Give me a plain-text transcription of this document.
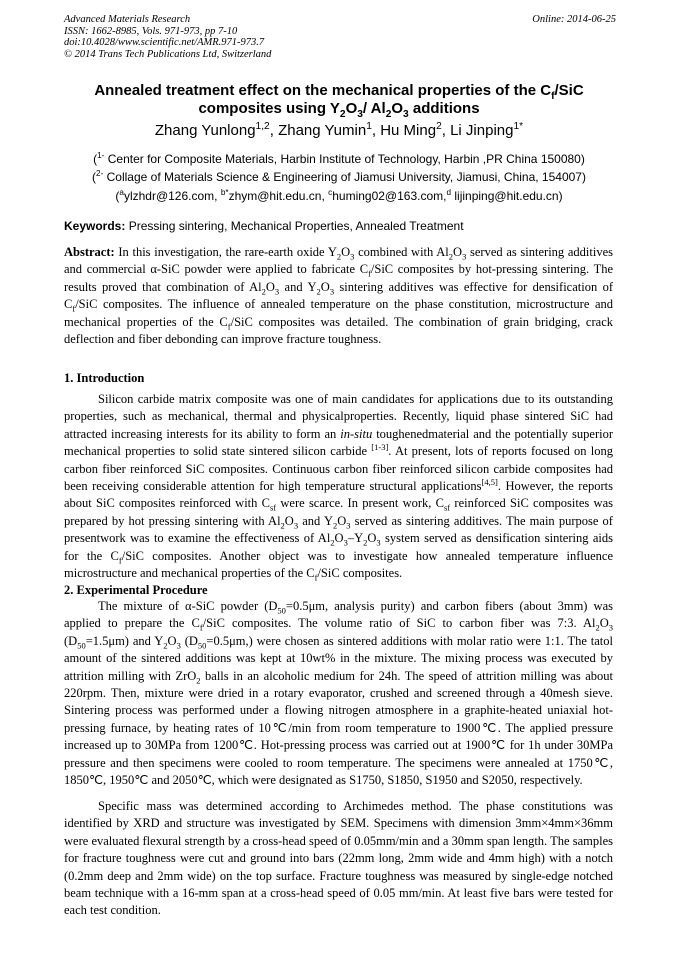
Advanced Materials Research
ISSN: 1662-8985, Vols. 971-973, pp 7-10
doi:10.4028/www.scientific.net/AMR.971-973.7
© 2014 Trans Tech Publications Ltd, Switzerland
Online: 2014-06-25
Annealed treatment effect on the mechanical properties of the $C_f$/SiC
composites using $Y_2O_3/$ $Al_2O_3$ additions
Zhang Yunlong$^{1,2}$, Zhang Yumin$^1$, Hu Ming$^2$, Li Jinping$^{1*}$
($^{1-}$ Center for Composite Materials, Harbin Institute of Technology, Harbin ,PR China 150080)
($^{2-}$ Collage of Materials Science & Engineering of Jiamusi University, Jiamusi, China, 154007)
($^a$ylzhdr@126.com, $^{b*}$zhym@hit.edu.cn, $^c$huming02@163.com,$^d$ lijinping@hit.edu.cn)
Keywords: Pressing sintering, Mechanical Properties, Annealed Treatment
Abstract: In this investigation, the rare-earth oxide $Y_2O_3$ combined with $Al_2O_3$ served as sintering additives and commercial α-SiC powder were applied to fabricate $C_f$/SiC composites by hot-pressing sintering. The results proved that combination of $Al_2O_3$ and $Y_2O_3$ sintering additives was effective for densification of $C_f$/SiC composites. The influence of annealed temperature on the phase constitution, microstructure and mechanical properties of the $C_f$/SiC composites was detailed. The combination of grain bridging, crack deflection and fiber debonding can improve fracture toughness.
1. Introduction
Silicon carbide matrix composite was one of main candidates for applications due to its outstanding properties, such as mechanical, thermal and physicalproperties. Recently, liquid phase sintered SiC had attracted increasing interests for its ability to form an in-situ toughenedmaterial and the potentially superior mechanical properties to solid state sintered silicon carbide [1-3]. At present, lots of reports focused on long carbon fiber reinforced SiC composites. Continuous carbon fiber reinforced silicon carbide composites had been receiving considerable attention for high temperature structural applications[4,5]. However, the reports about SiC composites reinforced with $C_{sf}$ were scarce. In present work, $C_{sf}$ reinforced SiC composites was prepared by hot pressing sintering with $Al_2O_3$ and $Y_2O_3$ served as sintering additives. The main purpose of presentwork was to examine the effectiveness of $Al_2O_3-Y_2O_3$ system served as densification sintering aids for the $C_f$/SiC composites. Another object was to investigate how annealed temperature influence microstructure and mechanical properties of the $C_f$/SiC composites.
2. Experimental Procedure
The mixture of α-SiC powder ($D_{50}=0.5\mu m$, analysis purity) and carbon fibers (about 3mm) was applied to prepare the $C_f$/SiC composites. The volume ratio of SiC to carbon fiber was 7:3. $Al_2O_3$ $(D_{50}=1.5\mu m)$ and $Y_2O_3$ $(D_{50}=0.5\mu m,)$ were chosen as sintered additions with molar ratio were 1:1. The tatol amount of the sintered additions was kept at 10wt% in the mixture. The mixing process was executed by attrition milling with ZrO$_2$ balls in an alcoholic medium for 24h. The speed of attrition milling was about 220rpm. Then, mixture were dried in a rotary evaporator, crushed and screened through a 40mesh sieve. Sintering process was performed under a flowing nitrogen atmosphere in a graphite-heated uniaxial hot-pressing furnace, by heating rates of 10℃/min from room temperature to 1900℃. The applied pressure increased up to 30MPa from 1200℃. Hot-pressing process was carried out at 1900℃ for 1h under 30MPa pressure and then specimens were cooled to room temperature. The specimens were annealed at 1750℃, 1850℃, 1950℃ and 2050℃, which were designated as S1750, S1850, S1950 and S2050, respectively.
Specific mass was determined according to Archimedes method. The phase constitutions was identified by XRD and structure was investigated by SEM. Specimens with dimension 3mm×4mm×36mm were evaluated flexural strength by a cross-head speed of 0.05mm/min and a 30mm span length. The samples for fracture toughness were cut and ground into bars (22mm long, 2mm wide and 4mm high) with a notch (0.2mm deep and 2mm wide) on the top surface. Fracture toughness was measured by single-edge notched beam technique with a 16-mm span at a cross-head speed of 0.05 mm/min. At least five bars were tested for each test condition.
